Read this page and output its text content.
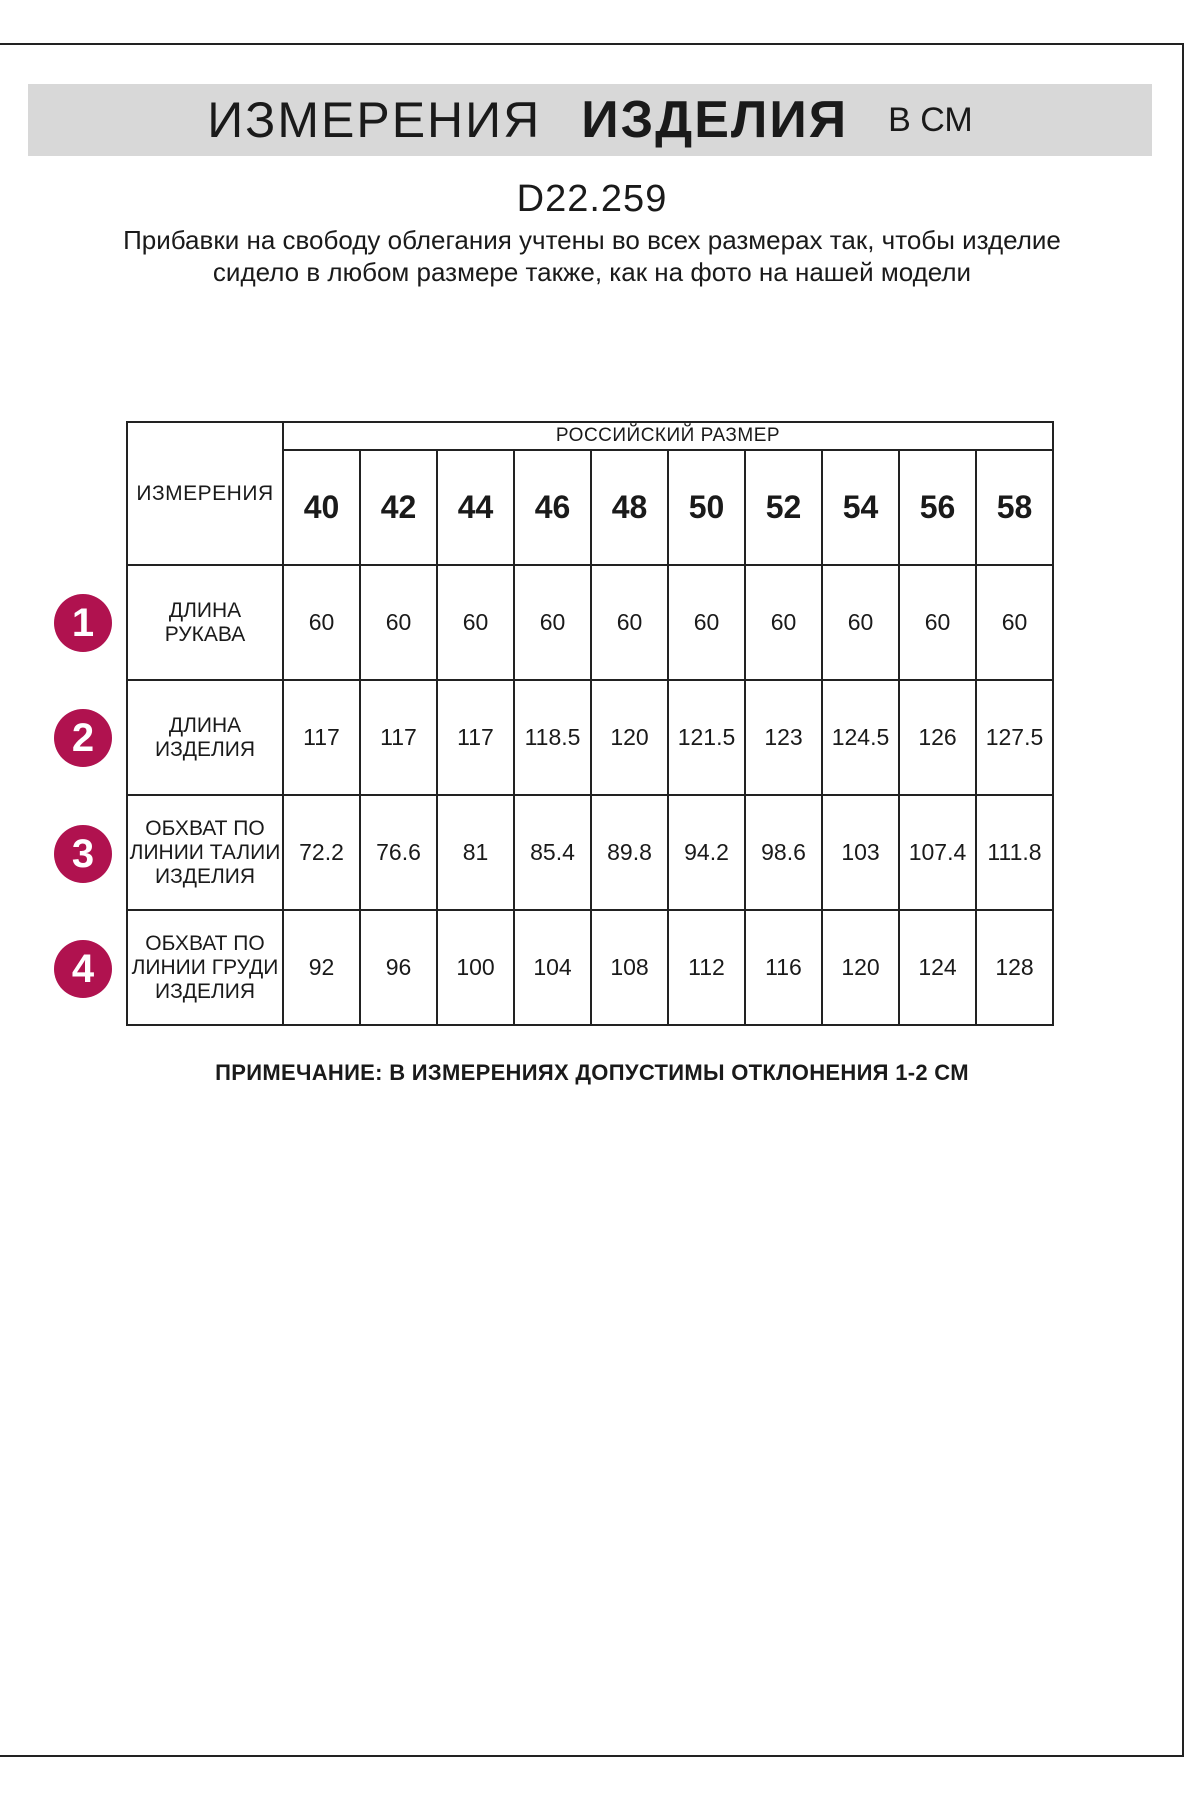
ИЗМЕРЕНИЯ ИЗДЕЛИЯ В СМ
D22.259
Прибавки на свободу облегания учтены во всех размерах так, чтобы изделие сидело в любом размере также, как на фото на нашей модели
ИЗМЕРЕНИЯ	РОССИЙСКИЙ РАЗМЕР									
	40	42	44	46	48	50	52	54	56	58
ДЛИНА РУКАВА	60	60	60	60	60	60	60	60	60	60
ДЛИНА ИЗДЕЛИЯ	117	117	117	118.5	120	121.5	123	124.5	126	127.5
ОБХВАТ ПО ЛИНИИ ТАЛИИ ИЗДЕЛИЯ	72.2	76.6	81	85.4	89.8	94.2	98.6	103	107.4	111.8
ОБХВАТ ПО ЛИНИИ ГРУДИ ИЗДЕЛИЯ	92	96	100	104	108	112	116	120	124	128
1
2
3
4
ПРИМЕЧАНИЕ: В ИЗМЕРЕНИЯХ ДОПУСТИМЫ ОТКЛОНЕНИЯ 1-2 СМ
